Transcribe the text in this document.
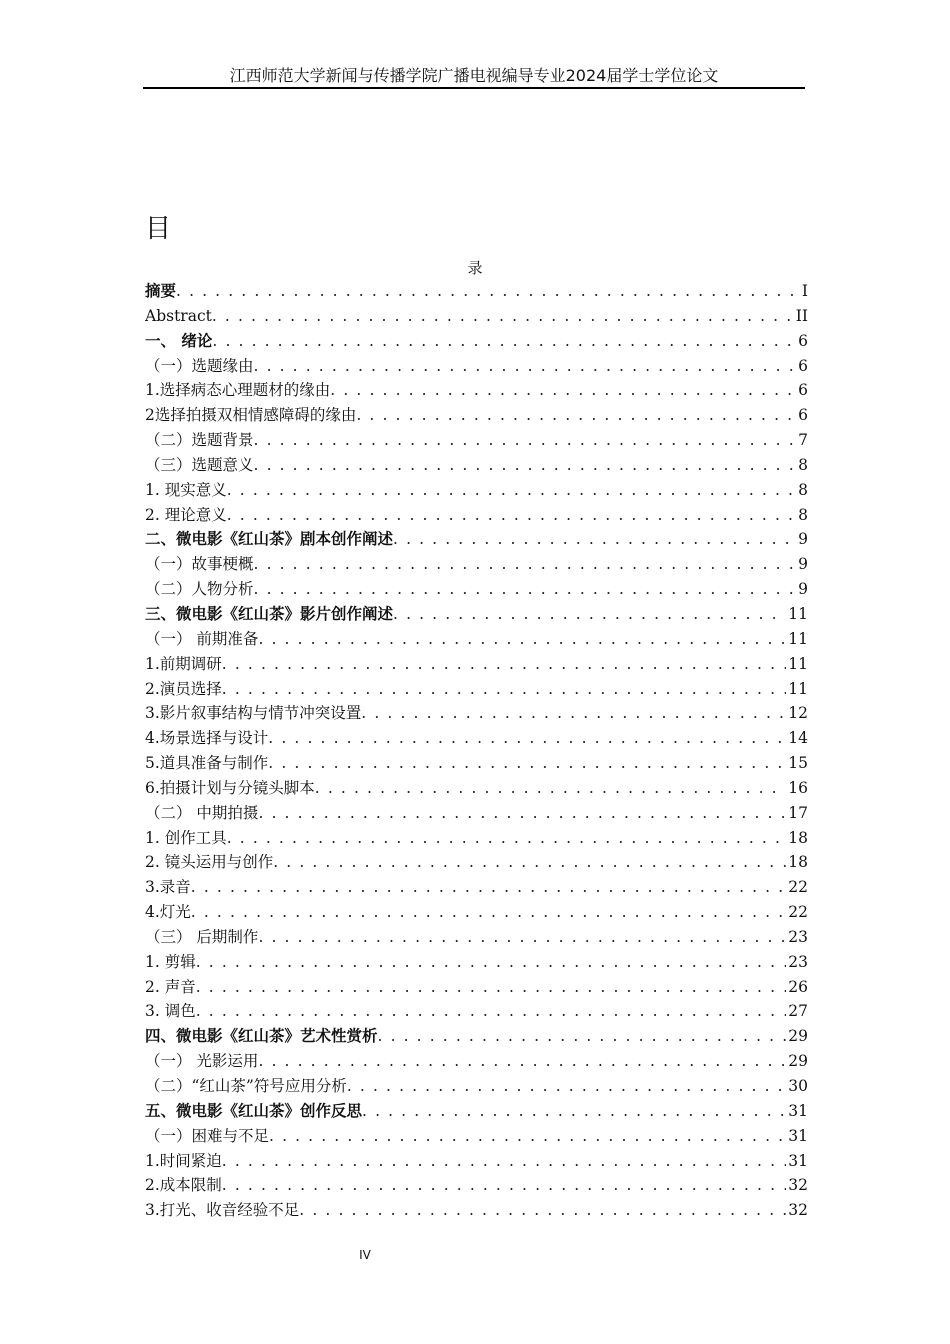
江西师范大学新闻与传播学院广播电视编导专业2024届学士学位论文
目
录
摘要 . . .	I
Abstract . . .	II
一、 绪论 . . .	6
（一）选题缘由 . . .	6
1.选择病态心理题材的缘由 . . .	6
2选择拍摄双相情感障碍的缘由 . . .	6
（二）选题背景 . . .	7
（三）选题意义 . . .	8
1. 现实意义 . . .	8
2. 理论意义 . . .	8
二、微电影《红山茶》剧本创作阐述 . . .	9
（一）故事梗概 . . .	9
（二）人物分析 . . .	9
三、微电影《红山茶》影片创作阐述 . . .	11
（一） 前期准备 . . .	11
1.前期调研 . . .	11
2.演员选择 . . .	11
3.影片叙事结构与情节冲突设置 . . .	12
4.场景选择与设计 . . .	14
5.道具准备与制作 . . .	15
6.拍摄计划与分镜头脚本 . . .	16
（二） 中期拍摄 . . .	17
1. 创作工具 . . .	18
2. 镜头运用与创作 . . .	18
3.录音 . . .	22
4.灯光 . . .	22
（三） 后期制作 . . .	23
1. 剪辑 . . .	23
2. 声音 . . .	26
3. 调色 . . .	27
四、微电影《红山茶》艺术性赏析 . . .	29
（一） 光影运用 . . .	29
（二）“红山茶”符号应用分析 . . .	30
五、微电影《红山茶》创作反思 . . .	31
（一）困难与不足 . . .	31
1.时间紧迫 . . .	31
2.成本限制 . . .	32
3.打光、收音经验不足 . . .	32
IV
